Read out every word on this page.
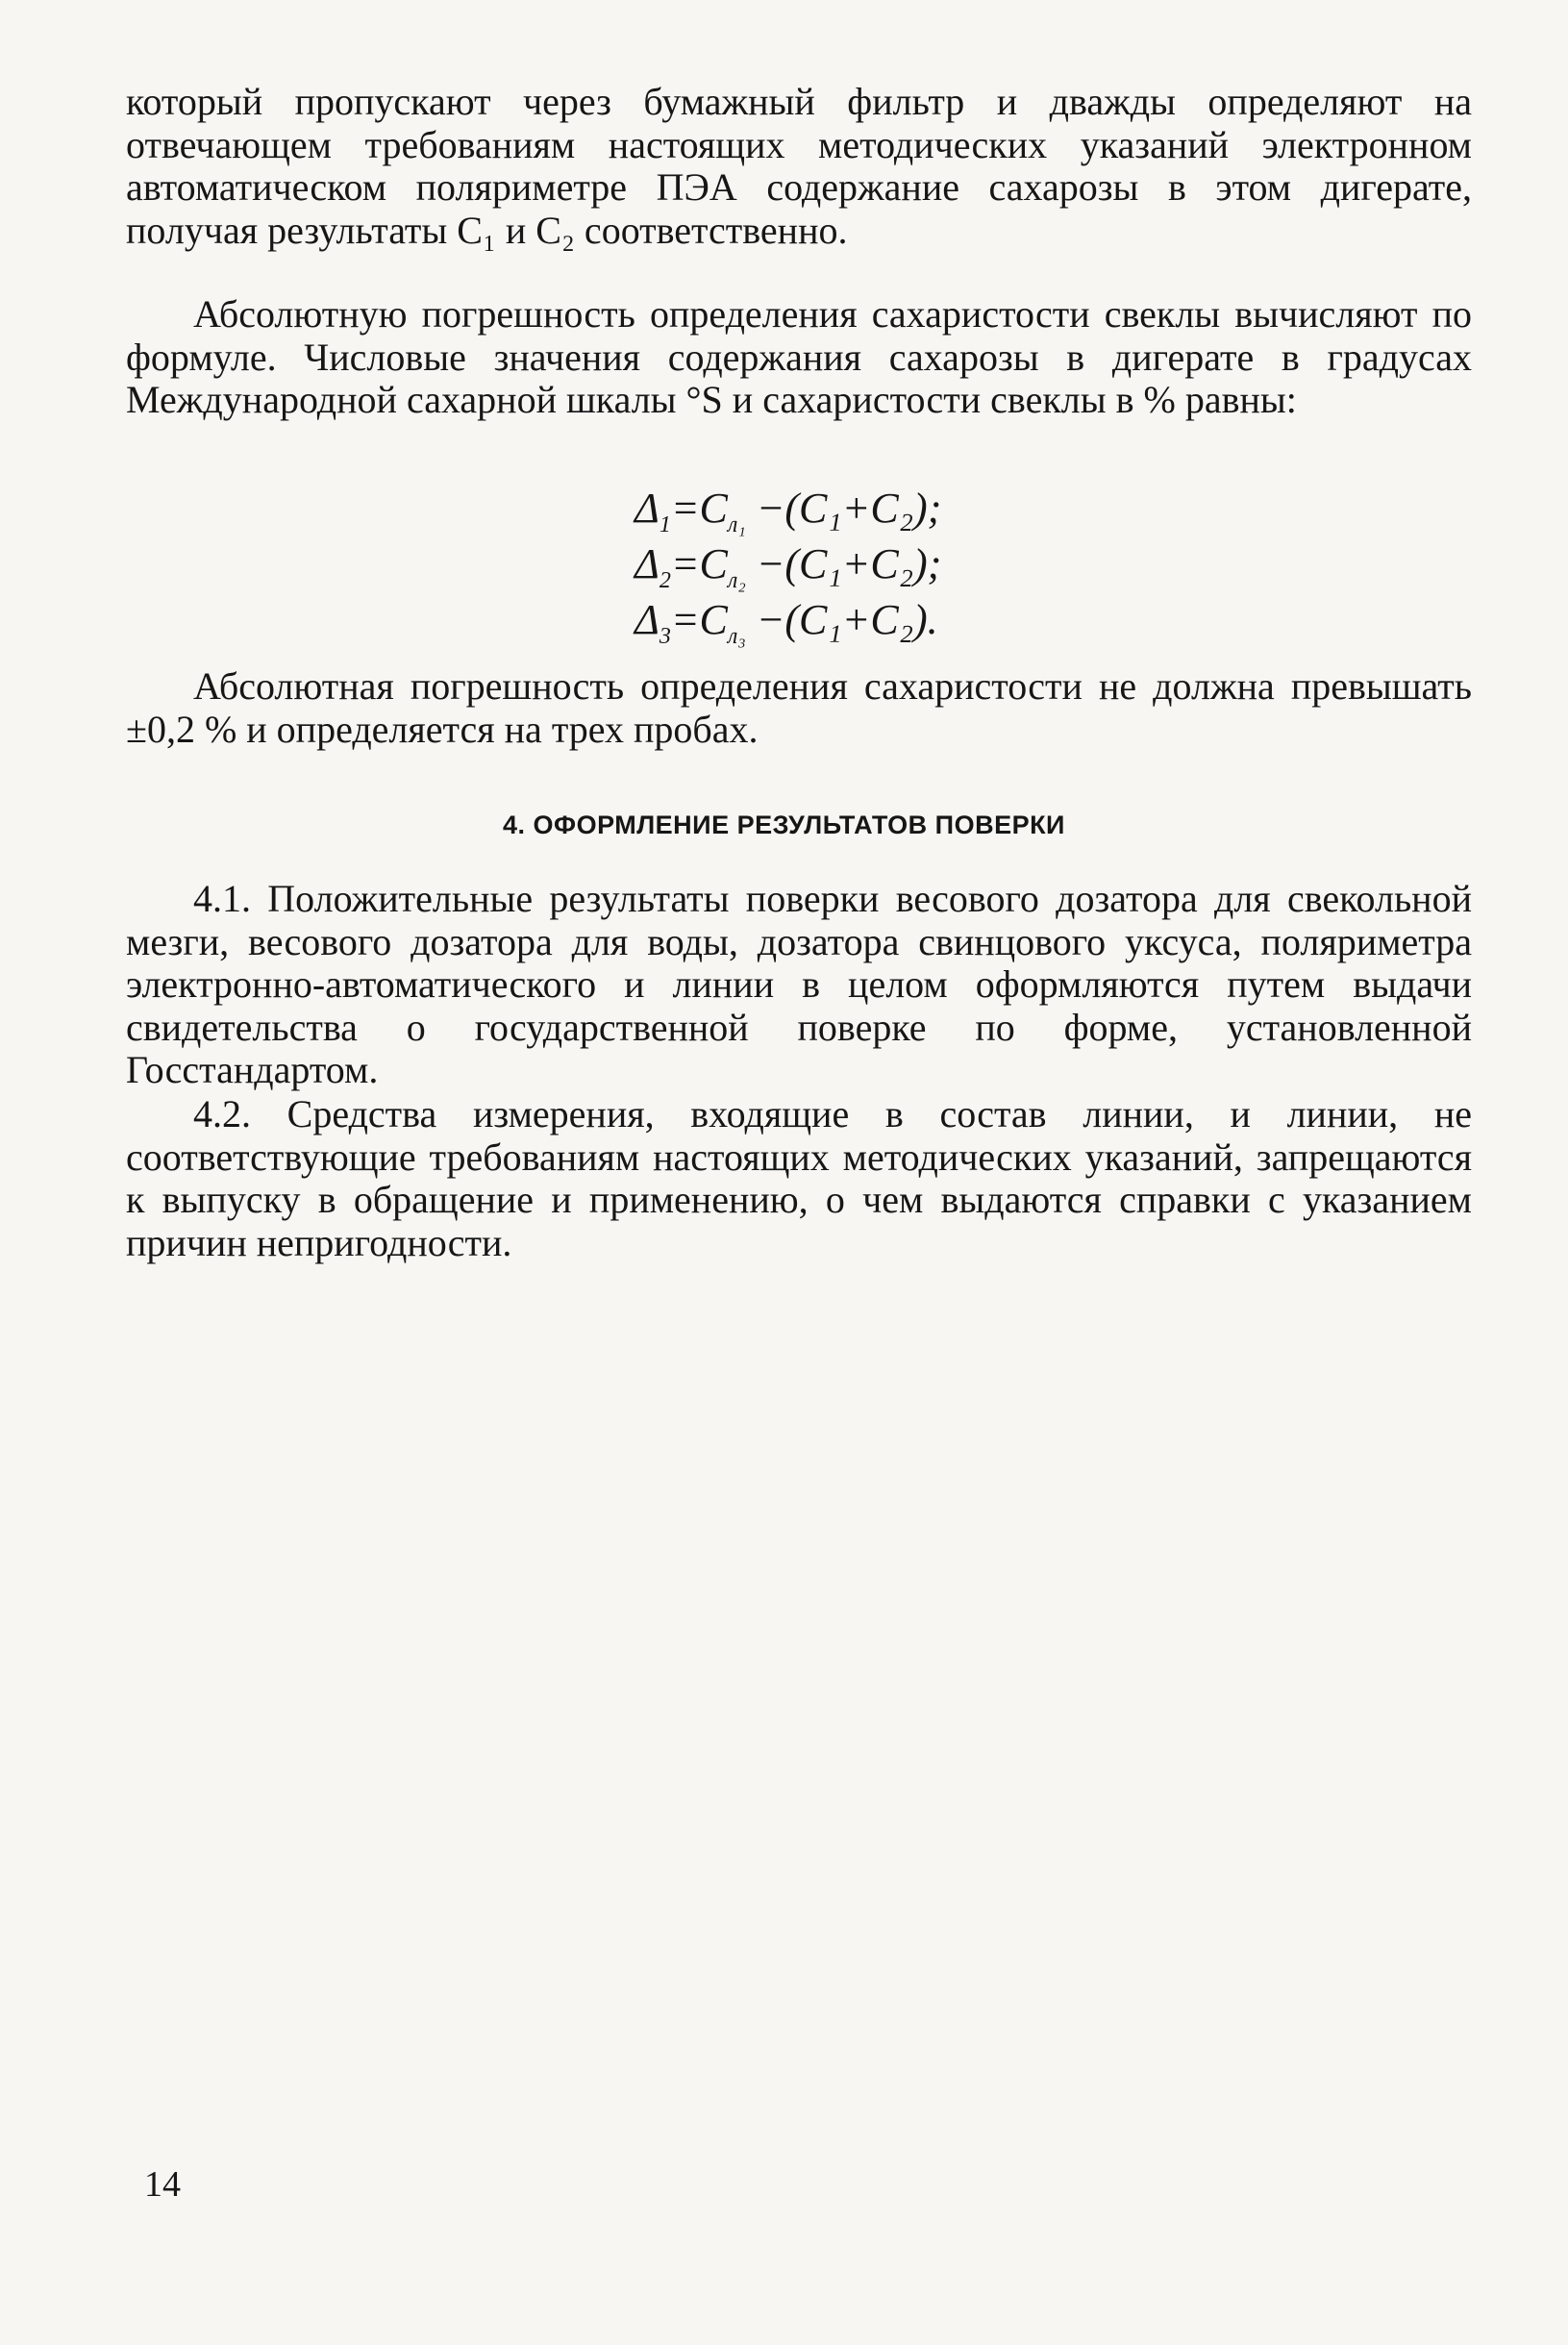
который пропускают через бумажный фильтр и дважды определяют на отвечающем требованиям настоящих методических указаний электронном автоматическом поляриметре ПЭА содержание сахарозы в этом дигерате, получая результаты C₁ и C₂ соответственно.

Абсолютную погрешность определения сахаристости свеклы вычисляют по формуле. Числовые значения содержания сахарозы в дигерате в градусах Международной сахарной шкалы °S и сахаристости свеклы в % равны:

$\Delta_1=C_{л_1} -(C_1+C_2)$;
$\Delta_2=C_{л_2} -(C_1+C_2)$;
$\Delta_3=C_{л_3} -(C_1+C_2)$.

Абсолютная погрешность определения сахаристости не должна превышать ±0,2 % и определяется на трех пробах.

4. ОФОРМЛЕНИЕ РЕЗУЛЬТАТОВ ПОВЕРКИ

4.1. Положительные результаты поверки весового дозатора для свекольной мезги, весового дозатора для воды, дозатора свинцового уксуса, поляриметра электронно-автоматического и линии в целом оформляются путем выдачи свидетельства о государственной поверке по форме, установленной Госстандартом.

4.2. Средства измерения, входящие в состав линии, и линии, не соответствующие требованиям настоящих методических указаний, запрещаются к выпуску в обращение и применению, о чем выдаются справки с указанием причин непригодности.

14
